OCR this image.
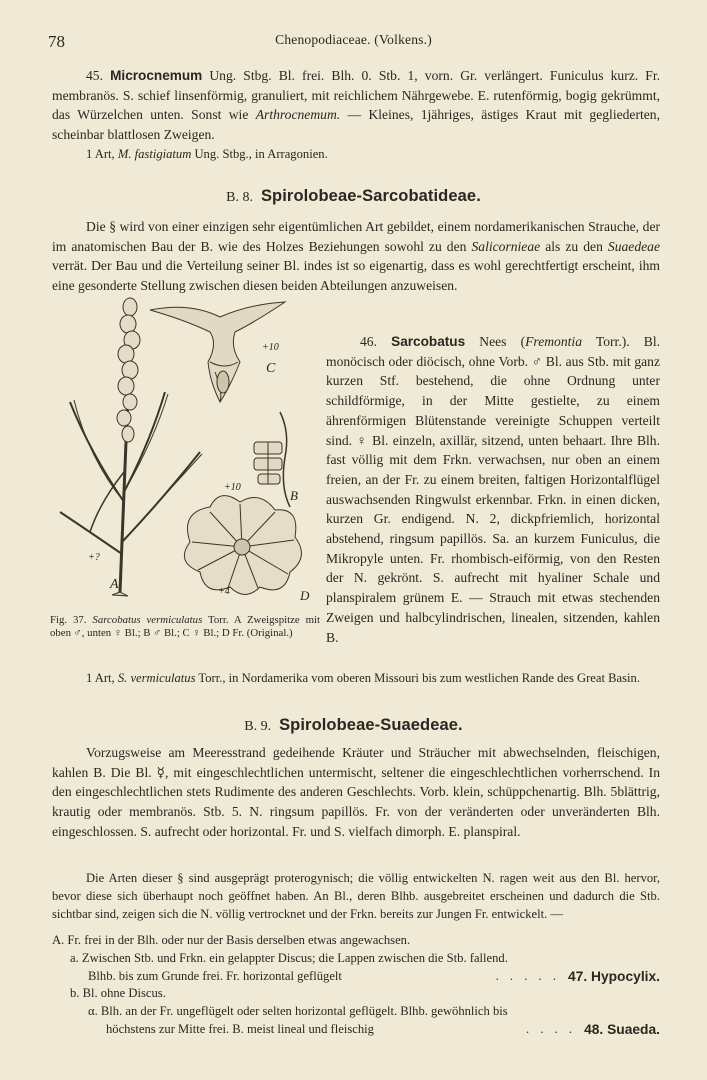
78	Chenopodiaceae. (Volkens.)

45. Microcnemum Ung. Stbg. Bl. frei. Blh. 0. Stb. 1, vorn. Gr. verlängert. Funiculus kurz. Fr. membranös. S. schief linsenförmig, granuliert, mit reichlichem Nährgewebe. E. rutenförmig, bogig gekrümmt, das Würzelchen unten. Sonst wie Arthrocnemum. — Kleines, 1jähriges, ästiges Kraut mit gegliederten, scheinbar blattlosen Zweigen.

1 Art, M. fastigiatum Ung. Stbg., in Arragonien.

B. 8. Spirolobeae-Sarcobatideae.

Die § wird von einer einzigen sehr eigentümlichen Art gebildet, einem nordamerikanischen Strauche, der im anatomischen Bau der B. wie des Holzes Beziehungen sowohl zu den Salicornieae als zu den Suaedeae verrät. Der Bau und die Verteilung seiner Bl. indes ist so eigenartig, dass es wohl gerechtfertigt erscheint, ihm eine gesonderte Stellung zwischen diesen beiden Abteilungen anzuweisen.

A
B
C
D
+10
+10
+4
+?
Fig. 37. Sarcobatus vermiculatus Torr. A Zweigspitze mit oben ♂, unten ♀ Bl.; B ♂ Bl.; C ♀ Bl.; D Fr. (Original.)

46. Sarcobatus Nees (Fremontia Torr.). Bl. monöcisch oder diöcisch, ohne Vorb. ♂ Bl. aus Stb. mit ganz kurzen Stf. bestehend, die ohne Ordnung unter schildförmige, in der Mitte gestielte, zu einem ährenförmigen Blütenstande vereinigte Schuppen verteilt sind. ♀ Bl. einzeln, axillär, sitzend, unten behaart. Ihre Blh. fast völlig mit dem Frkn. verwachsen, nur oben an einem freien, an der Fr. zu einem breiten, faltigen Horizontalflügel auswachsenden Ringwulst erkennbar. Frkn. in einen dicken, kurzen Gr. endigend. N. 2, dickpfriemlich, horizontal abstehend, ringsum papillös. Sa. an kurzem Funiculus, die Mikropyle unten. Fr. rhombisch-eiförmig, von den Resten der N. gekrönt. S. aufrecht mit hyaliner Schale und planspiralem grünem E. — Strauch mit etwas stechenden Zweigen und halbcylindrischen, linealen, sitzenden, kahlen B.

1 Art, S. vermiculatus Torr., in Nordamerika vom oberen Missouri bis zum westlichen Rande des Great Basin.

B. 9. Spirolobeae-Suaedeae.

Vorzugsweise am Meeresstrand gedeihende Kräuter und Sträucher mit abwechselnden, fleischigen, kahlen B. Die Bl. ☿, mit eingeschlechtlichen untermischt, seltener die eingeschlechtlichen vorherrschend. In den eingeschlechtlichen stets Rudimente des anderen Geschlechts. Vorb. klein, schüppchenartig. Blh. 5blättrig, krautig oder membranös. Stb. 5. N. ringsum papillös. Fr. von der veränderten oder unveränderten Blh. eingeschlossen. S. aufrecht oder horizontal. Fr. und S. vielfach dimorph. E. planspiral.

Die Arten dieser § sind ausgeprägt proterogynisch; die völlig entwickelten N. ragen weit aus den Bl. hervor, bevor diese sich überhaupt noch geöffnet haben. An Bl., deren Blhb. ausgebreitet erscheinen und dadurch die Stb. sichtbar sind, zeigen sich die N. völlig vertrocknet und der Frkn. bereits zur Jungen Fr. entwickelt. —

A. Fr. frei in der Blh. oder nur der Basis derselben etwas angewachsen.
a. Zwischen Stb. und Frkn. ein gelappter Discus; die Lappen zwischen die Stb. fallend.
Blhb. bis zum Grunde frei. Fr. horizontal geflügelt	. . . . . 47. Hypocylix.
b. Bl. ohne Discus.
α. Blh. an der Fr. ungeflügelt oder selten horizontal geflügelt. Blhb. gewöhnlich bis
höchstens zur Mitte frei. B. meist lineal und fleischig	. . . . 48. Suaeda.
